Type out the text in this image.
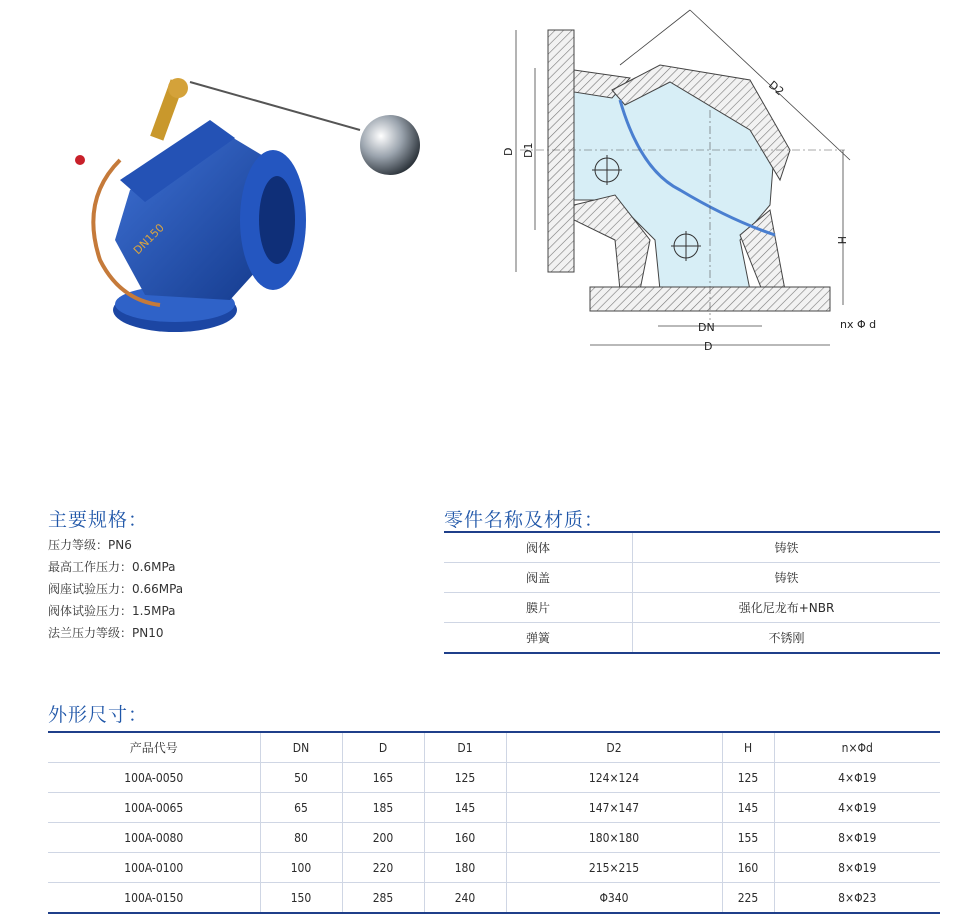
DN150
D D1
D2
H
DN
D
nx Φ d
主要规格：
压力等级：PN6
最高工作压力：0.6MPa
阀座试验压力：0.66MPa
阀体试验压力：1.5MPa
法兰压力等级：PN10
零件名称及材质：
阀体	铸铁
阀盖	铸铁
膜片	强化尼龙布+NBR
弹簧	不锈刚
外形尺寸：
产品代号	DN	D	D1	D2	H	n×Φd
100A-0050	50	165	125	124×124	125	4×Φ19
100A-0065	65	185	145	147×147	145	4×Φ19
100A-0080	80	200	160	180×180	155	8×Φ19
100A-0100	100	220	180	215×215	160	8×Φ19
100A-0150	150	285	240	Φ340	225	8×Φ23
